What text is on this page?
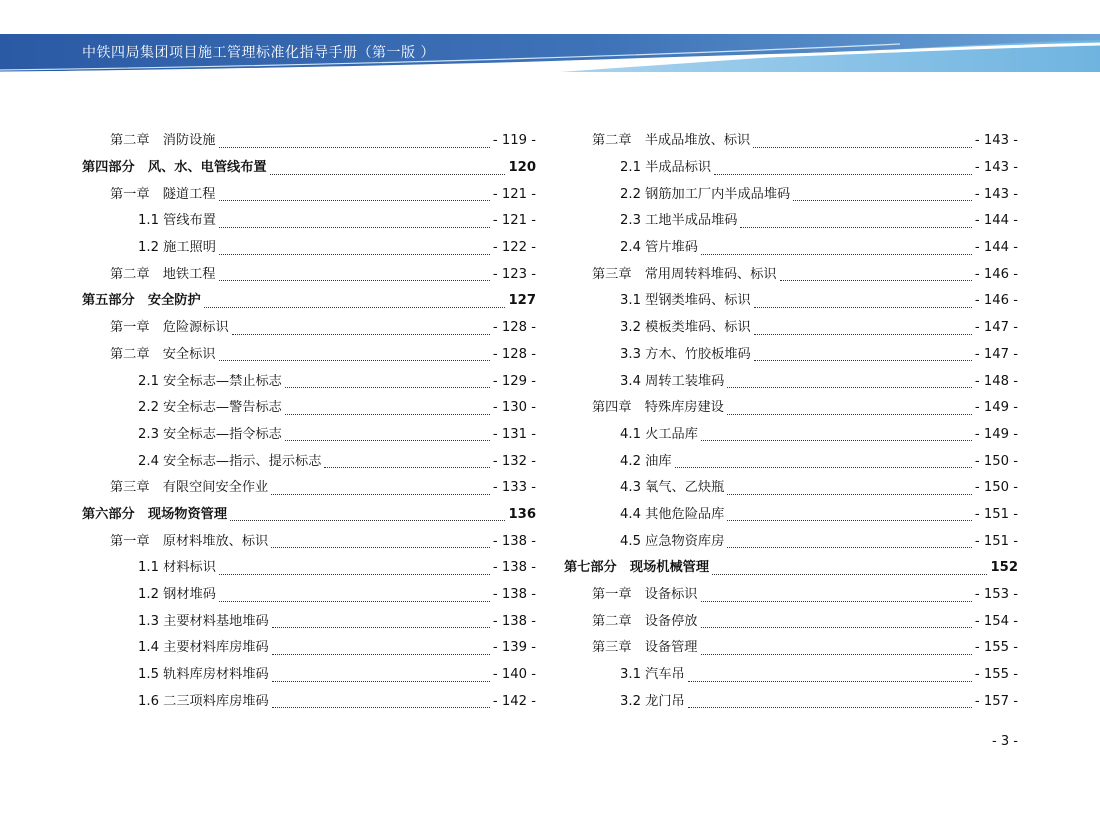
中铁四局集团项目施工管理标准化指导手册（第一版 ）
第二章　消防设施	- 119 -
第四部分　风、水、电管线布置	120
第一章　隧道工程	- 121 -
1.1 管线布置	- 121 -
1.2 施工照明	- 122 -
第二章　地铁工程	- 123 -
第五部分　安全防护	127
第一章　危险源标识	- 128 -
第二章　安全标识	- 128 -
2.1 安全标志—禁止标志	- 129 -
2.2 安全标志—警告标志	- 130 -
2.3 安全标志—指令标志	- 131 -
2.4 安全标志—指示、提示标志	- 132 -
第三章　有限空间安全作业	- 133 -
第六部分　现场物资管理	136
第一章　原材料堆放、标识	- 138 -
1.1 材料标识	- 138 -
1.2 钢材堆码	- 138 -
1.3 主要材料基地堆码	- 138 -
1.4 主要材料库房堆码	- 139 -
1.5 轨料库房材料堆码	- 140 -
1.6 二三项料库房堆码	- 142 -
第二章　半成品堆放、标识	- 143 -
2.1 半成品标识	- 143 -
2.2 钢筋加工厂内半成品堆码	- 143 -
2.3 工地半成品堆码	- 144 -
2.4 管片堆码	- 144 -
第三章　常用周转料堆码、标识	- 146 -
3.1 型钢类堆码、标识	- 146 -
3.2 模板类堆码、标识	- 147 -
3.3 方木、竹胶板堆码	- 147 -
3.4 周转工装堆码	- 148 -
第四章　特殊库房建设	- 149 -
4.1 火工品库	- 149 -
4.2 油库	- 150 -
4.3 氧气、乙炔瓶	- 150 -
4.4 其他危险品库	- 151 -
4.5 应急物资库房	- 151 -
第七部分　现场机械管理	152
第一章　设备标识	- 153 -
第二章　设备停放	- 154 -
第三章　设备管理	- 155 -
3.1 汽车吊	- 155 -
3.2 龙门吊	- 157 -
- 3 -
